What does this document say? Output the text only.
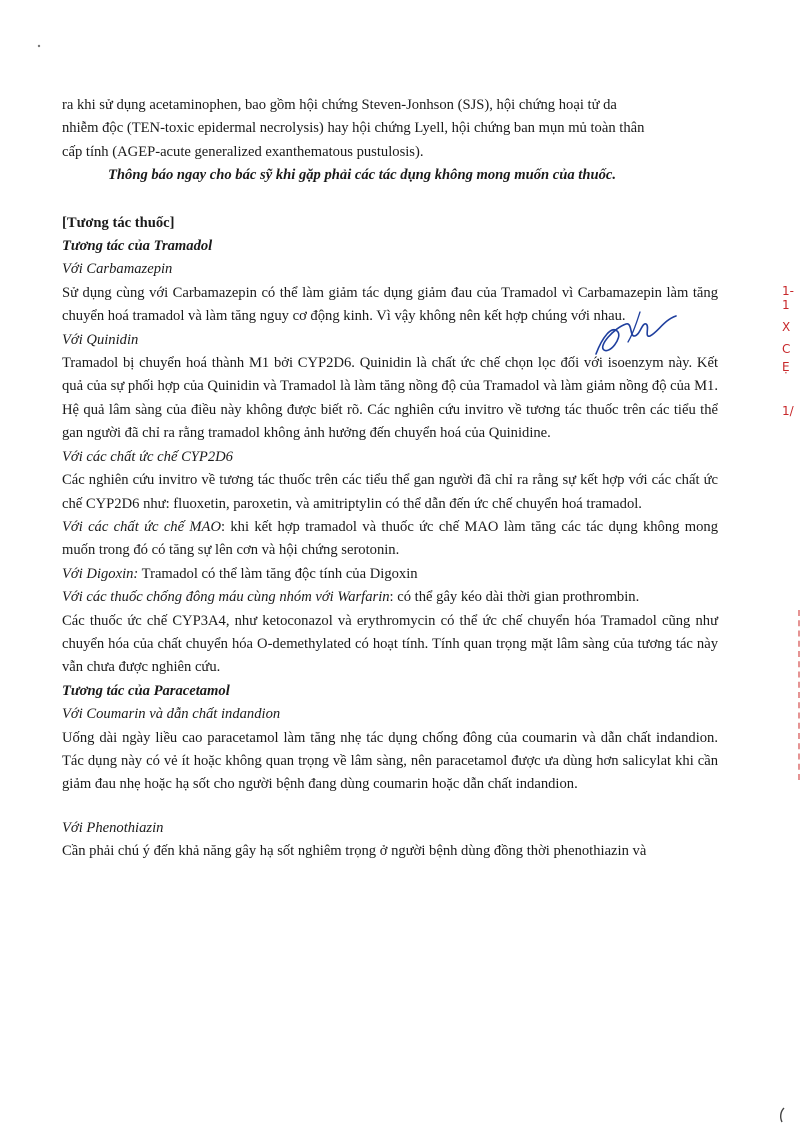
ra khi sử dụng acetaminophen, bao gồm hội chứng Steven-Jonhson (SJS), hội chứng hoại tử da
nhiễm độc (TEN-toxic epidermal necrolysis) hay hội chứng Lyell, hội chứng ban mụn mủ toàn thân
cấp tính (AGEP-acute generalized exanthematous pustulosis).

Thông báo ngay cho bác sỹ khi gặp phải các tác dụng không mong muốn của thuốc.

[Tương tác thuốc]

Tương tác của Tramadol

Với Carbamazepin

Sử dụng cùng với Carbamazepin có thể làm giảm tác dụng giảm đau của Tramadol vì Carbamazepin làm tăng chuyển hoá tramadol và làm tăng nguy cơ động kinh. Vì vậy không nên kết hợp chúng với nhau.

Với Quinidin

Tramadol bị chuyển hoá thành M1 bởi CYP2D6. Quinidin là chất ức chế chọn lọc đối với isoenzym này. Kết quả của sự phối hợp của Quinidin và Tramadol là làm tăng nồng độ của Tramadol và làm giảm nồng độ của M1. Hệ quả lâm sàng của điều này không được biết rõ. Các nghiên cứu invitro về tương tác thuốc trên các tiểu thể gan người đã chỉ ra rằng tramadol không ảnh hưởng đến chuyển hoá của Quinidine.

Với các chất ức chế CYP2D6

Các nghiên cứu invitro về tương tác thuốc trên các tiểu thể gan người đã chỉ ra rằng sự kết hợp với các chất ức chế CYP2D6 như: fluoxetin, paroxetin, và amitriptylin có thể dẫn đến ức chế chuyển hoá tramadol.

Với các chất ức chế MAO: khi kết hợp tramadol và thuốc ức chế MAO làm tăng các tác dụng không mong muốn trong đó có tăng sự lên cơn và hội chứng serotonin.

Với Digoxin: Tramadol có thể làm tăng độc tính của Digoxin

Với các thuốc chống đông máu cùng nhóm với Warfarin: có thể gây kéo dài thời gian prothrombin.

Các thuốc ức chế CYP3A4, như ketoconazol và erythromycin có thể ức chế chuyển hóa Tramadol cũng như chuyển hóa của chất chuyển hóa O-demethylated có hoạt tính. Tính quan trọng mặt lâm sàng của tương tác này vẫn chưa được nghiên cứu.

Tương tác của Paracetamol

Với Coumarin và dẫn chất indandion

Uống dài ngày liều cao paracetamol làm tăng nhẹ tác dụng chống đông của coumarin và dẫn chất indandion. Tác dụng này có vẻ ít hoặc không quan trọng về lâm sàng, nên paracetamol được ưa dùng hơn salicylat khi cần giảm đau nhẹ hoặc hạ sốt cho người bệnh đang dùng coumarin hoặc dẫn chất indandion.

Với Phenothiazin

Cần phải chú ý đến khả năng gây hạ sốt nghiêm trọng ở người bệnh dùng đồng thời phenothiazin và

1-1
X
C
Ẹ
1/
